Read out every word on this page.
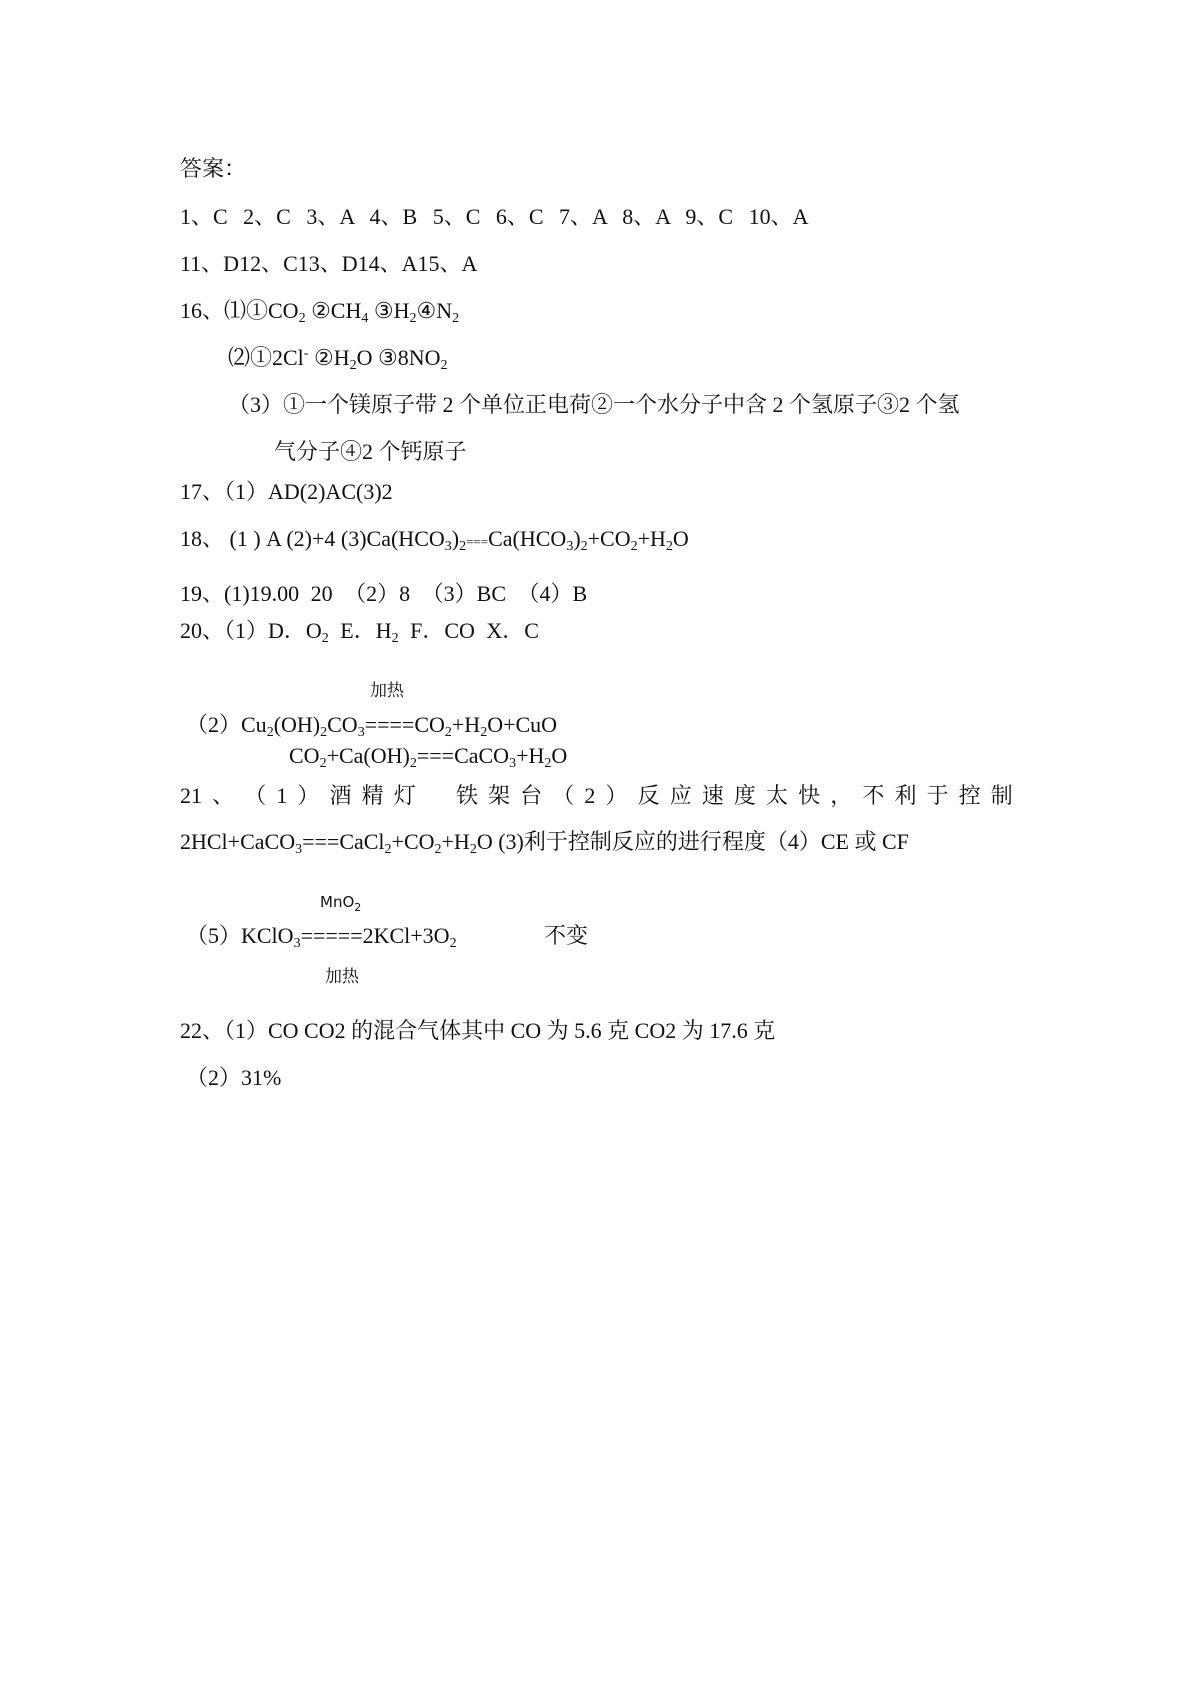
答案：
1、C 2、C 3、A 4、B 5、C 6、C 7、A 8、A 9、C 10、A
11、D12、C13、D14、A15、A
16、$⑴①CO_2$ $②CH_4$ $③H_2④N_2$
⑵①2Cl- $②H_2O$ $③8NO_2$
（3）①一个镁原子带 2 个单位正电荷②一个水分子中含 2 个氢原子③2 个氢
气分子④2 个钙原子
17、（1）AD(2)AC(3)2
18、 (1 ) A (2)+4 $(3)Ca(HCO_3)_2===Ca(HCO_3)_2+CO_2+H_2O$
19、(1)19.00 20 （2）8 （3）BC （4）B
20、（1）D．$O_2$ E．$H_2$ F．CO X．C
加热
$(2)Cu_2(OH)_2CO_3====CO_2+H_2O+CuO$
$CO_2+Ca(OH)_2===CaCO_3+H_2O$
21 、 （ 1 ） 酒 精 灯 铁 架 台 （ 2 ） 反 应 速 度 太 快 ， 不 利 于 控 制
$2HCl+CaCO_3===CaCl_2+CO_2+H_2O$ (3)利于控制反应的进行程度（4）CE 或 CF
MnO$_2$
$(5)KClO_3=====2KCl+3O_2$	不变
加热
22、（1）CO CO2 的混合气体其中 CO 为 5.6 克 CO2 为 17.6 克
（2）31%
